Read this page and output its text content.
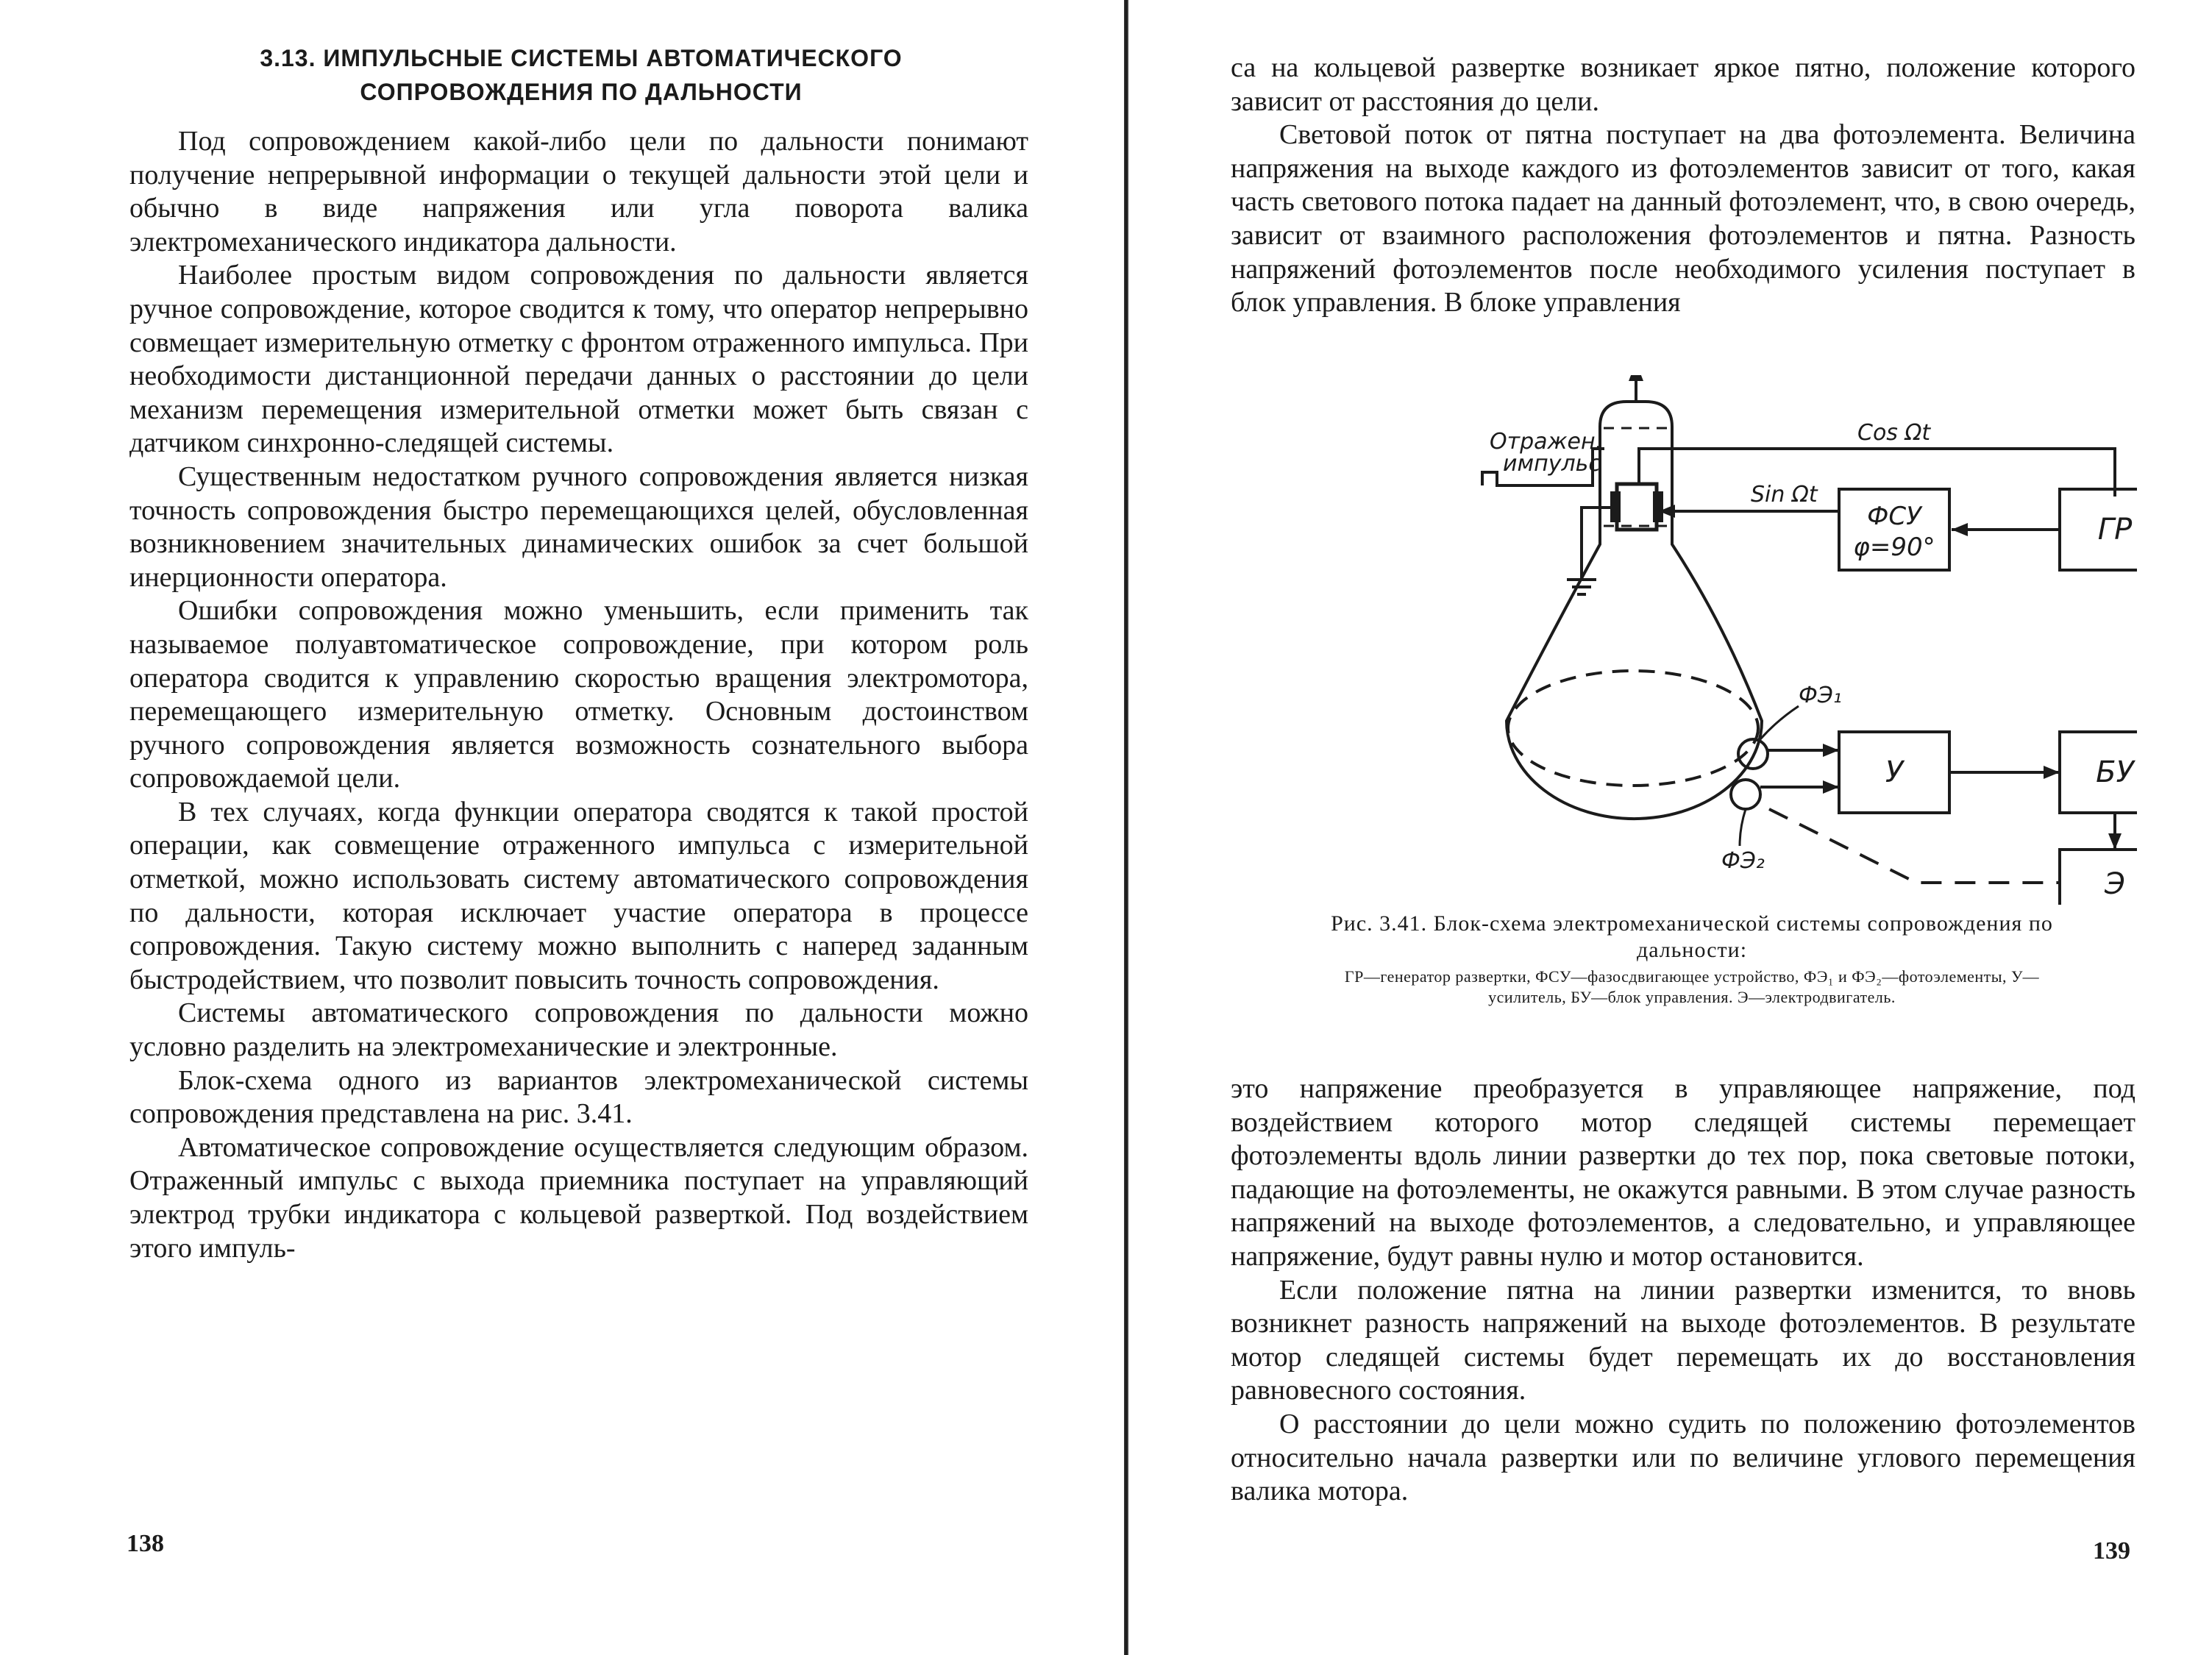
3.13. ИМПУЛЬСНЫЕ СИСТЕМЫ АВТОМАТИЧЕСКОГО
СОПРОВОЖДЕНИЯ ПО ДАЛЬНОСТИ

Под сопровождением какой-либо цели по дальности понимают получение непрерывной информации о текущей дальности этой цели и обычно в виде напряжения или угла поворота валика электромеханического индикатора дальности.

Наиболее простым видом сопровождения по дальности является ручное сопровождение, которое сводится к тому, что оператор непрерывно совмещает измерительную отметку с фронтом отраженного импульса. При необходимости дистанционной передачи данных о расстоянии до цели механизм перемещения измерительной отметки может быть связан с датчиком синхронно-следящей системы.

Существенным недостатком ручного сопровождения является низкая точность сопровождения быстро перемещающихся целей, обусловленная возникновением значительных динамических ошибок за счет большой инерционности оператора.

Ошибки сопровождения можно уменьшить, если применить так называемое полуавтоматическое сопровождение, при котором роль оператора сводится к управлению скоростью вращения электромотора, перемещающего измерительную отметку. Основным достоинством ручного сопровождения является возможность сознательного выбора сопровождаемой цели.

В тех случаях, когда функции оператора сводятся к такой простой операции, как совмещение отраженного импульса с измерительной отметкой, можно использовать систему автоматического сопровождения по дальности, которая исключает участие оператора в процессе сопровождения. Такую систему можно выполнить с наперед заданным быстродействием, что позволит повысить точность сопровождения.

Системы автоматического сопровождения по дальности можно условно разделить на электромеханические и электронные.

Блок-схема одного из вариантов электромеханической системы сопровождения представлена на рис. 3.41.

Автоматическое сопровождение осуществляется следующим образом. Отраженный импульс с выхода приемника поступает на управляющий электрод трубки индикатора с кольцевой разверткой. Под воздействием этого импуль-

138

са на кольцевой развертке возникает яркое пятно, положение которого зависит от расстояния до цели.

Световой поток от пятна поступает на два фотоэлемента. Величина напряжения на выходе каждого из фотоэлементов зависит от того, какая часть светового потока падает на данный фотоэлемент, что, в свою очередь, зависит от взаимного расположения фотоэлементов и пятна. Разность напряжений фотоэлементов после необходимого усиления поступает в блок управления. В блоке управления

Отражен.
импульс
Cos Ωt
Sin Ωt
ФСУ
φ=90°
ГР
ФЭ₁
ФЭ₂
У	БУ
Э
Рис. 3.41. Блок-схема электромеханической системы сопровождения по дальности:
ГР—генератор развертки, ФСУ—фазосдвигающее устройство, ФЭ₁ и ФЭ₂—фотоэлементы, У—усилитель, БУ—блок управления. Э—электродвигатель.

это напряжение преобразуется в управляющее напряжение, под воздействием которого мотор следящей системы перемещает фотоэлементы вдоль линии развертки до тех пор, пока световые потоки, падающие на фотоэлементы, не окажутся равными. В этом случае разность напряжений на выходе фотоэлементов, а следовательно, и управляющее напряжение, будут равны нулю и мотор остановится.

Если положение пятна на линии развертки изменится, то вновь возникнет разность напряжений на выходе фотоэлементов. В результате мотор следящей системы будет перемещать их до восстановления равновесного состояния.

О расстоянии до цели можно судить по положению фотоэлементов относительно начала развертки или по величине углового перемещения валика мотора.

139
